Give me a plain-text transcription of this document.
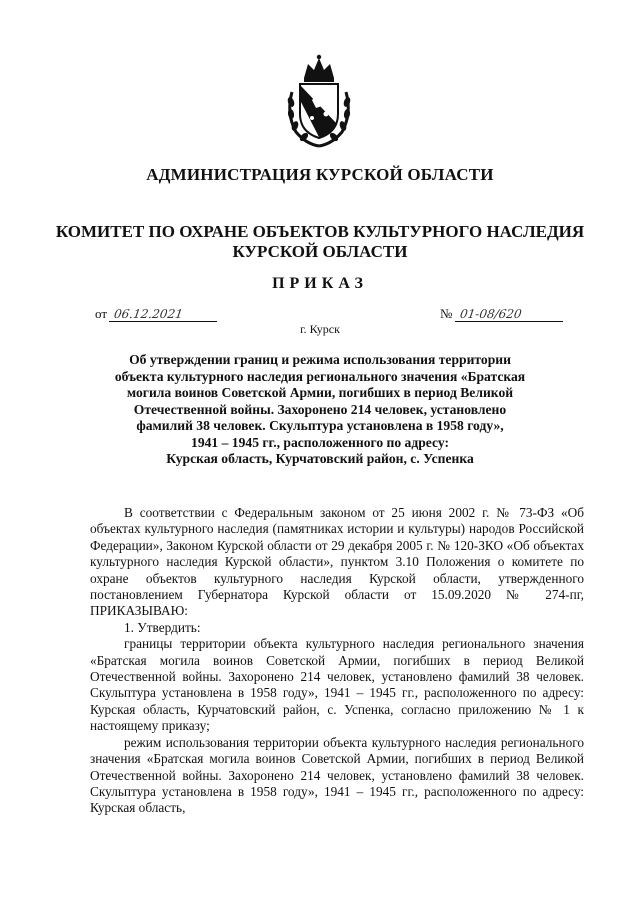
АДМИНИСТРАЦИЯ КУРСКОЙ ОБЛАСТИ
КОМИТЕТ ПО ОХРАНЕ ОБЪЕКТОВ КУЛЬТУРНОГО НАСЛЕДИЯ
КУРСКОЙ ОБЛАСТИ
ПРИКАЗ
от 06.12.2021	№ 01-08/620
г. Курск
Об утверждении границ и режима использования территории
объекта культурного наследия регионального значения «Братская
могила воинов Советской Армии, погибших в период Великой
Отечественной войны. Захоронено 214 человек, установлено
фамилий 38 человек. Скульптура установлена в 1958 году»,
1941 – 1945 гг., расположенного по адресу:
Курская область, Курчатовский район, с. Успенка

В соответствии с Федеральным законом от 25 июня 2002 г. № 73-ФЗ «Об объектах культурного наследия (памятниках истории и культуры) народов Российской Федерации», Законом Курской области от 29 декабря 2005 г. № 120-ЗКО «Об объектах культурного наследия Курской области», пунктом 3.10 Положения о комитете по охране объектов культурного наследия Курской области, утвержденного постановлением Губернатора Курской области от 15.09.2020 № 274-пг, ПРИКАЗЫВАЮ:

1. Утвердить:

границы территории объекта культурного наследия регионального значения «Братская могила воинов Советской Армии, погибших в период Великой Отечественной войны. Захоронено 214 человек, установлено фамилий 38 человек. Скульптура установлена в 1958 году», 1941 – 1945 гг., расположенного по адресу: Курская область, Курчатовский район, с. Успенка, согласно приложению № 1 к настоящему приказу;

режим использования территории объекта культурного наследия регионального значения «Братская могила воинов Советской Армии, погибших в период Великой Отечественной войны. Захоронено 214 человек, установлено фамилий 38 человек. Скульптура установлена в 1958 году», 1941 – 1945 гг., расположенного по адресу: Курская область,
